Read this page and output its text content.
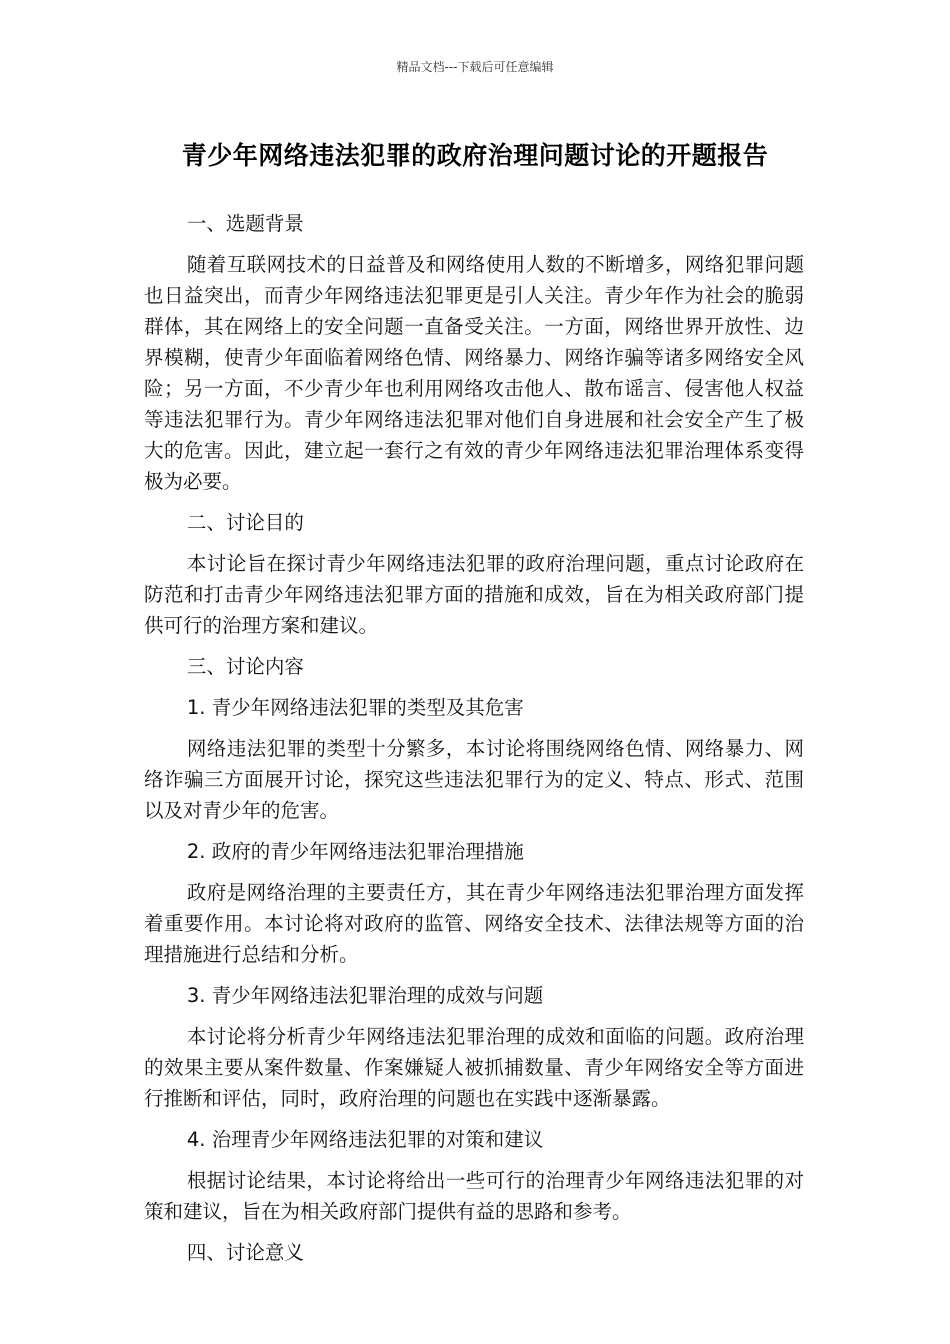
精品文档---下载后可任意编辑
青少年网络违法犯罪的政府治理问题讨论的开题报告

一、选题背景

随着互联网技术的日益普及和网络使用人数的不断增多，网络犯罪问题也日益突出，而青少年网络违法犯罪更是引人关注。青少年作为社会的脆弱群体，其在网络上的安全问题一直备受关注。一方面，网络世界开放性、边界模糊，使青少年面临着网络色情、网络暴力、网络诈骗等诸多网络安全风险；另一方面，不少青少年也利用网络攻击他人、散布谣言、侵害他人权益等违法犯罪行为。青少年网络违法犯罪对他们自身进展和社会安全产生了极大的危害。因此，建立起一套行之有效的青少年网络违法犯罪治理体系变得极为必要。

二、讨论目的

本讨论旨在探讨青少年网络违法犯罪的政府治理问题，重点讨论政府在防范和打击青少年网络违法犯罪方面的措施和成效，旨在为相关政府部门提供可行的治理方案和建议。

三、讨论内容

1. 青少年网络违法犯罪的类型及其危害

网络违法犯罪的类型十分繁多，本讨论将围绕网络色情、网络暴力、网络诈骗三方面展开讨论，探究这些违法犯罪行为的定义、特点、形式、范围以及对青少年的危害。

2. 政府的青少年网络违法犯罪治理措施

政府是网络治理的主要责任方，其在青少年网络违法犯罪治理方面发挥着重要作用。本讨论将对政府的监管、网络安全技术、法律法规等方面的治理措施进行总结和分析。

3. 青少年网络违法犯罪治理的成效与问题

本讨论将分析青少年网络违法犯罪治理的成效和面临的问题。政府治理的效果主要从案件数量、作案嫌疑人被抓捕数量、青少年网络安全等方面进行推断和评估，同时，政府治理的问题也在实践中逐渐暴露。

4. 治理青少年网络违法犯罪的对策和建议

根据讨论结果，本讨论将给出一些可行的治理青少年网络违法犯罪的对策和建议，旨在为相关政府部门提供有益的思路和参考。

四、讨论意义
